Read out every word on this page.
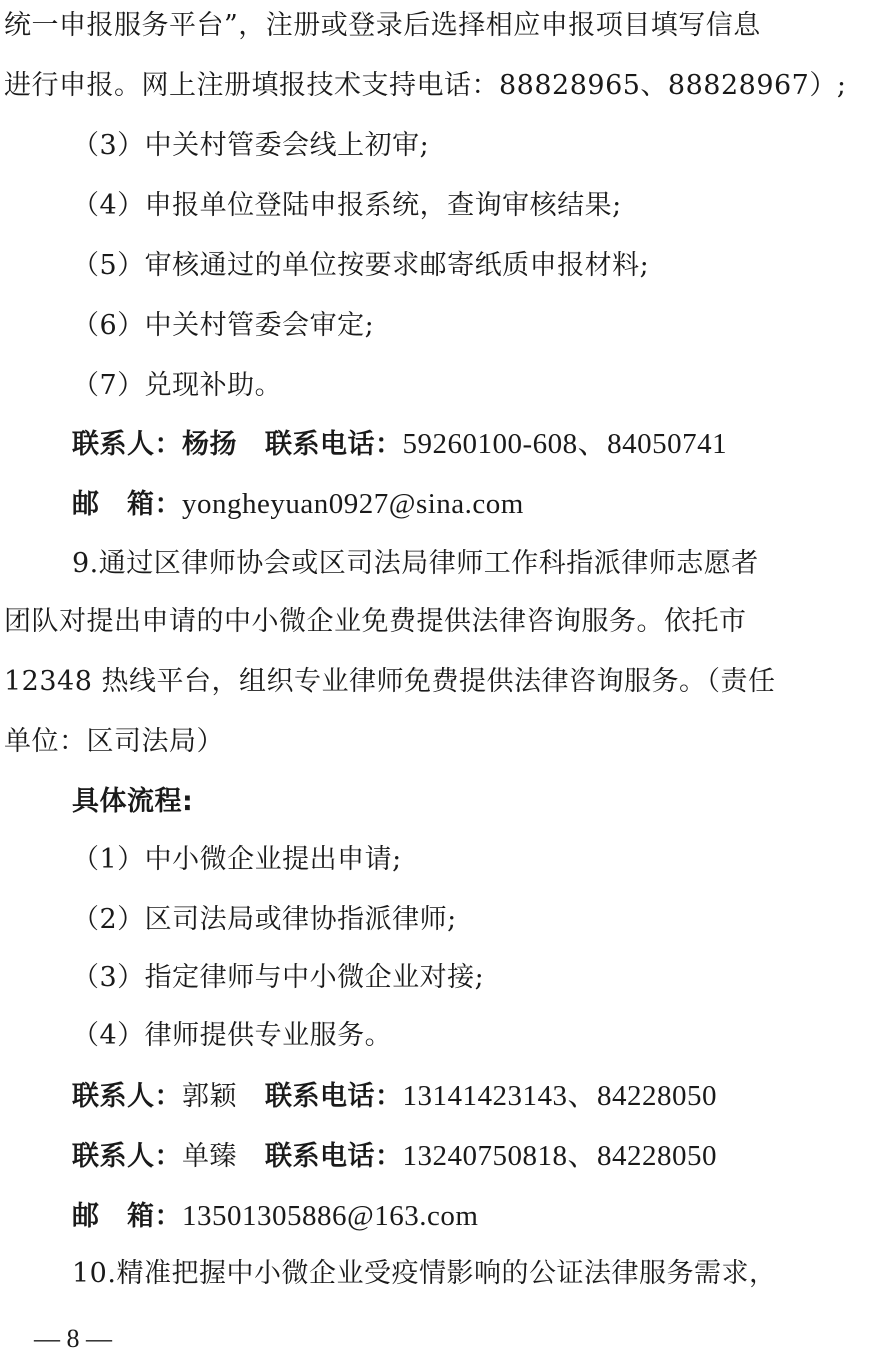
统一申报服务平台”，注册或登录后选择相应申报项目填写信息
进行申报。网上注册填报技术支持电话：88828965、88828967）;
（3）中关村管委会线上初审;
（4）申报单位登陆申报系统，查询审核结果;
（5）审核通过的单位按要求邮寄纸质申报材料;
（6）中关村管委会审定;
（7）兑现补助。
联系人：杨扬 联系电话：59260100-608、84050741
邮　箱：yongheyuan0927@sina.com
9.通过区律师协会或区司法局律师工作科指派律师志愿者
团队对提出申请的中小微企业免费提供法律咨询服务。依托市
12348 热线平台，组织专业律师免费提供法律咨询服务。（责任
单位：区司法局）
具体流程:
（1）中小微企业提出申请;
（2）区司法局或律协指派律师;
（3）指定律师与中小微企业对接;
（4）律师提供专业服务。
联系人：郭颖 联系电话：13141423143、84228050
联系人：单臻 联系电话：13240750818、84228050
邮　箱：13501305886@163.com
10.精准把握中小微企业受疫情影响的公证法律服务需求，
— 8 —
